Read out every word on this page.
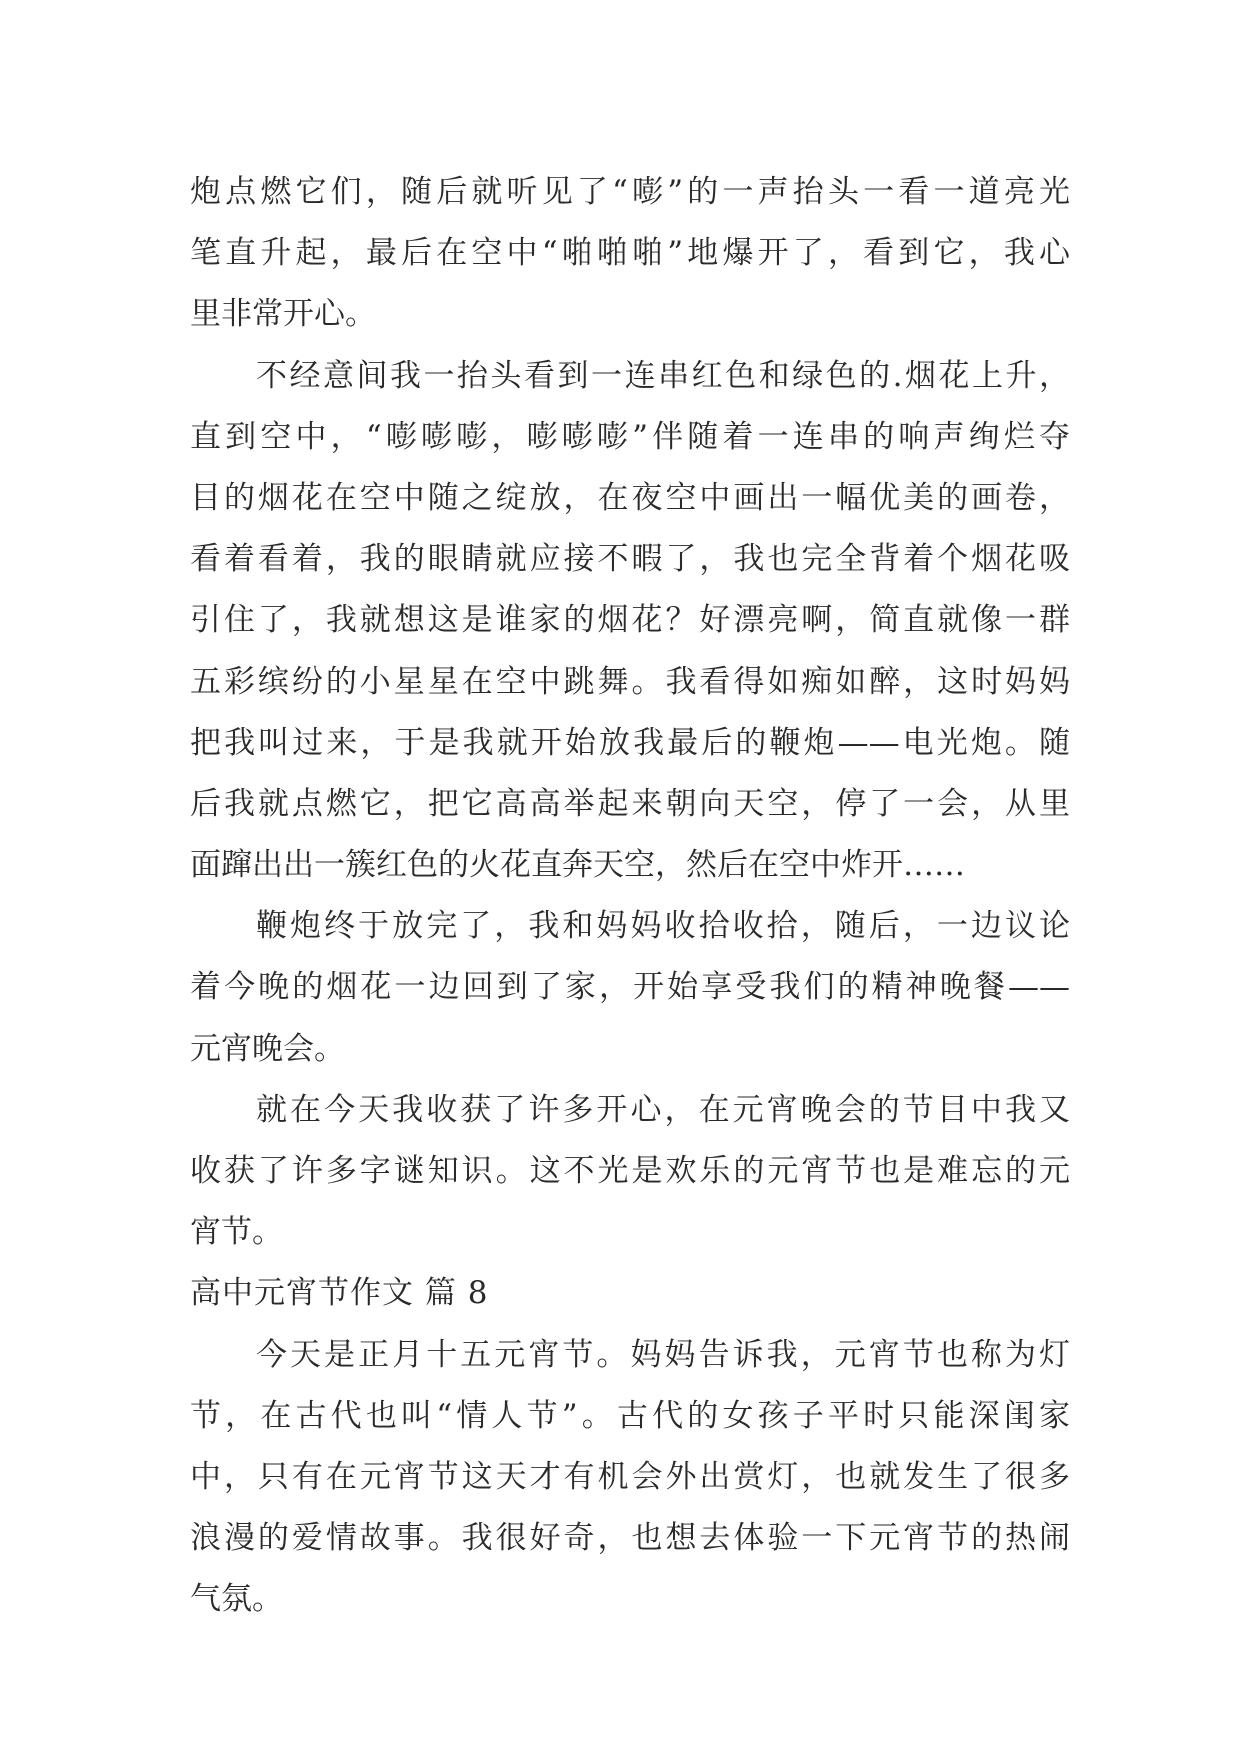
炮点燃它们，随后就听见了“嘭”的一声抬头一看一道亮光
笔直升起，最后在空中“啪啪啪”地爆开了，看到它，我心
里非常开心。
不经意间我一抬头看到一连串红色和绿色的.烟花上升，
直到空中，“嘭嘭嘭，嘭嘭嘭”伴随着一连串的响声绚烂夺
目的烟花在空中随之绽放，在夜空中画出一幅优美的画卷，
看着看着，我的眼睛就应接不暇了，我也完全背着个烟花吸
引住了，我就想这是谁家的烟花？好漂亮啊，简直就像一群
五彩缤纷的小星星在空中跳舞。我看得如痴如醉，这时妈妈
把我叫过来，于是我就开始放我最后的鞭炮——电光炮。随
后我就点燃它，把它高高举起来朝向天空，停了一会，从里
面蹿出出一簇红色的火花直奔天空，然后在空中炸开……
鞭炮终于放完了，我和妈妈收拾收拾，随后，一边议论
着今晚的烟花一边回到了家，开始享受我们的精神晚餐——
元宵晚会。
就在今天我收获了许多开心，在元宵晚会的节目中我又
收获了许多字谜知识。这不光是欢乐的元宵节也是难忘的元
宵节。
高中元宵节作文 篇 8
今天是正月十五元宵节。妈妈告诉我，元宵节也称为灯
节，在古代也叫“情人节”。古代的女孩子平时只能深闺家
中，只有在元宵节这天才有机会外出赏灯，也就发生了很多
浪漫的爱情故事。我很好奇，也想去体验一下元宵节的热闹
气氛。
